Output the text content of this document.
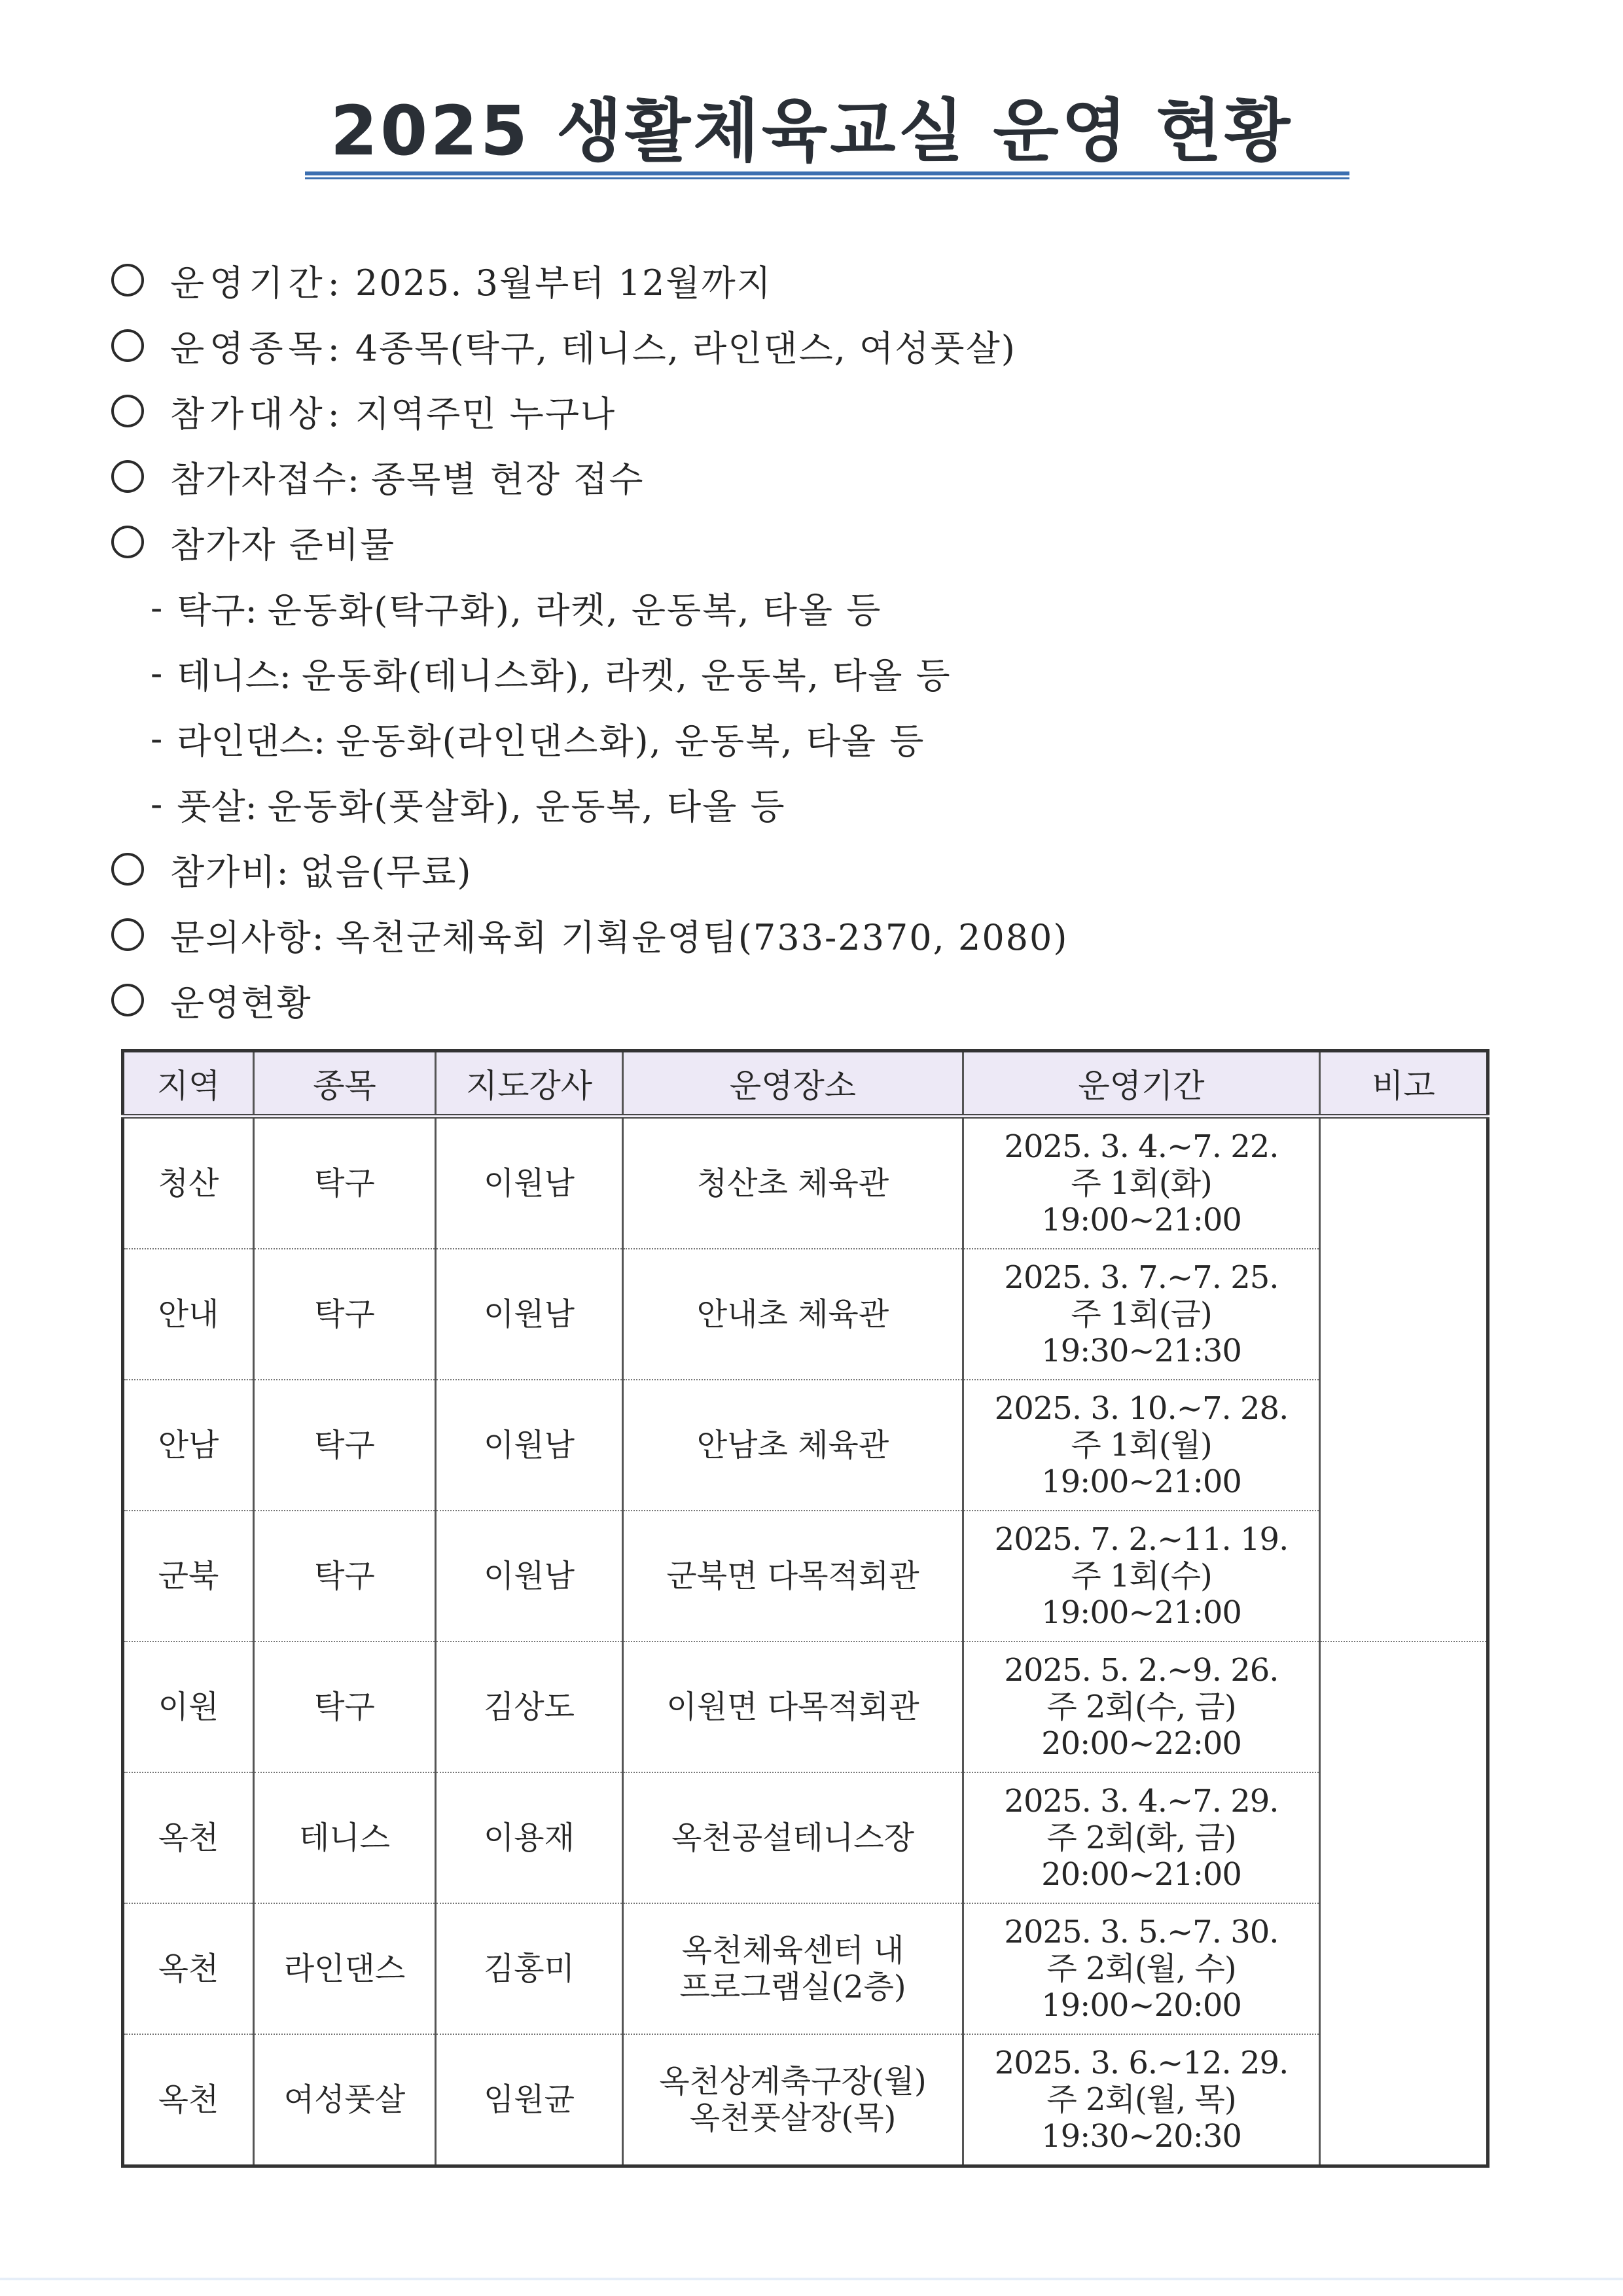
2025 생활체육교실 운영 현황
운영기간: 2025. 3월부터 12월까지
운영종목: 4종목(탁구, 테니스, 라인댄스, 여성풋살)
참가대상: 지역주민 누구나
참가자접수: 종목별 현장 접수
참가자 준비물
- 탁구: 운동화(탁구화), 라켓, 운동복, 타올 등
- 테니스: 운동화(테니스화), 라켓, 운동복, 타올 등
- 라인댄스: 운동화(라인댄스화), 운동복, 타올 등
- 풋살: 운동화(풋살화), 운동복, 타올 등
참가비: 없음(무료)
문의사항: 옥천군체육회 기획운영팀(733-2370, 2080)
운영현황
지역	종목	지도강사	운영장소	운영기간	비고
청산	탁구	이원남	청산초 체육관	2025. 3. 4.∼7. 22.
주 1회(화)
19:00∼21:00	

안내	탁구	이원남	안내초 체육관	2025. 3. 7.∼7. 25.
주 1회(금)
19:30∼21:30	

안남	탁구	이원남	안남초 체육관	2025. 3. 10.∼7. 28.
주 1회(월)
19:00∼21:00	

군북	탁구	이원남	군북면 다목적회관	2025. 7. 2.∼11. 19.
주 1회(수)
19:00∼21:00	

이원	탁구	김상도	이원면 다목적회관	2025. 5. 2.∼9. 26.
주 2회(수, 금)
20:00∼22:00	

옥천	테니스	이용재	옥천공설테니스장	2025. 3. 4.∼7. 29.
주 2회(화, 금)
20:00∼21:00	

옥천	라인댄스	김홍미	옥천체육센터 내
프로그램실(2층)	2025. 3. 5.∼7. 30.
주 2회(월, 수)
19:00∼20:00	

옥천	여성풋살	임원균	옥천상계축구장(월)
옥천풋살장(목)	2025. 3. 6.∼12. 29.
주 2회(월, 목)
19:30∼20:30	
